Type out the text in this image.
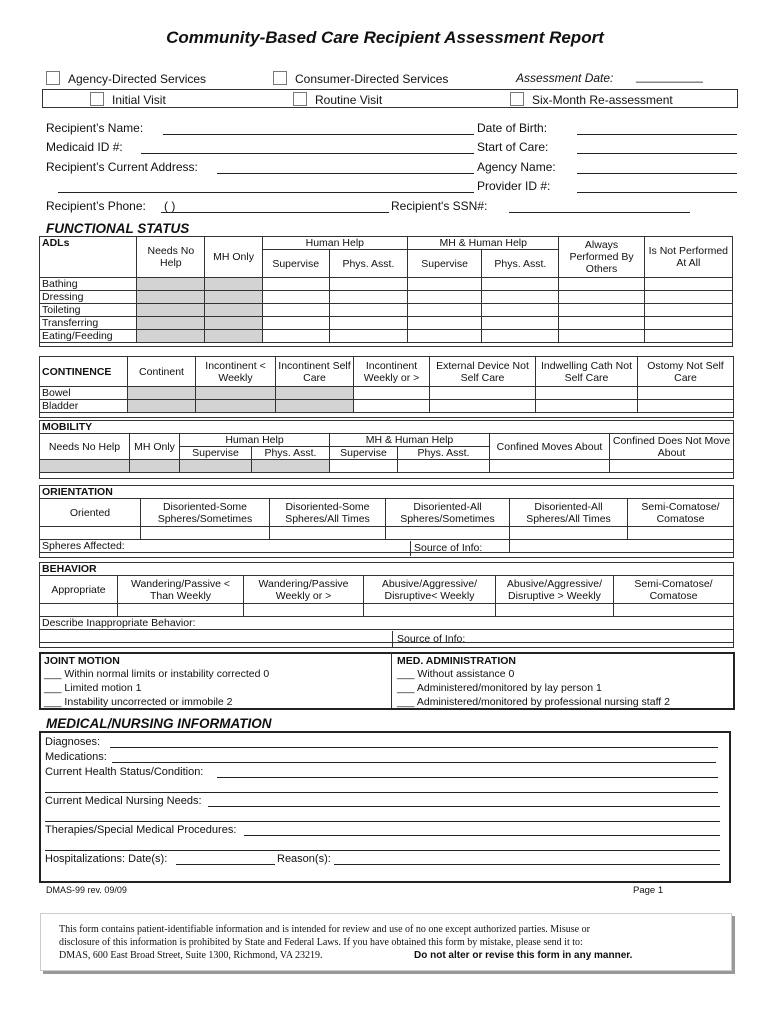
Community-Based Care Recipient Assessment Report
Agency-Directed Services	Consumer-Directed Services	Assessment Date: __________
Initial Visit	Routine Visit	Six-Month Re-assessment
Recipient’s Name:
Medicaid ID #:
Recipient’s Current Address:
Recipient’s Phone: ( )	Recipient's SSN#:
Date of Birth:
Start of Care:
Agency Name:
Provider ID #:
FUNCTIONAL STATUS
ADLs	Needs No Help	MH Only	Human Help		MH & Human Help		Always Performed By Others	Is Not Performed At All
			Supervise	Phys. Asst.	Supervise	Phys. Asst.		
Bathing								
Dressing								
Toileting								
Transferring								
Eating/Feeding								

CONTINENCE	Continent	Incontinent < Weekly	Incontinent Self Care	Incontinent Weekly or >	External Device Not Self Care	Indwelling Cath Not Self Care	Ostomy Not Self Care
Bowel							
Bladder							

MOBILITY							
Needs No Help	MH Only	Human Help		MH & Human Help		Confined Moves About	Confined Does Not Move About
		Supervise	Phys. Asst.	Supervise	Phys. Asst.		

ORIENTATION					
Oriented	Disoriented-Some Spheres/Sometimes	Disoriented-Some Spheres/All Times	Disoriented-All Spheres/Sometimes	Disoriented-All Spheres/All Times	Semi-Comatose/ Comatose

Spheres Affected:						Source of Info:
BEHAVIOR					
Appropriate	Wandering/Passive < Than Weekly	Wandering/Passive Weekly or >	Abusive/Aggressive/ Disruptive< Weekly	Abusive/Aggressive/ Disruptive > Weekly	Semi-Comatose/ Comatose

Describe Inappropriate Behavior:					

Source of Info:
JOINT MOTION
___ Within normal limits or instability corrected 0
___ Limited motion 1
___ Instability uncorrected or immobile 2
MED. ADMINISTRATION
___ Without assistance 0
___ Administered/monitored by lay person 1
___ Administered/monitored by professional nursing staff 2
MEDICAL/NURSING INFORMATION
Diagnoses:
Medications:
Current Health Status/Condition:
Current Medical Nursing Needs:
Therapies/Special Medical Procedures:
Hospitalizations: Date(s):	Reason(s):
DMAS-99 rev. 09/09	Page 1
This form contains patient-identifiable information and is intended for review and use of no one except authorized parties. Misuse or
disclosure of this information is prohibited by State and Federal Laws. If you have obtained this form by mistake, please send it to:
DMAS, 600 East Broad Street, Suite 1300, Richmond, VA 23219.	Do not alter or revise this form in any manner.
